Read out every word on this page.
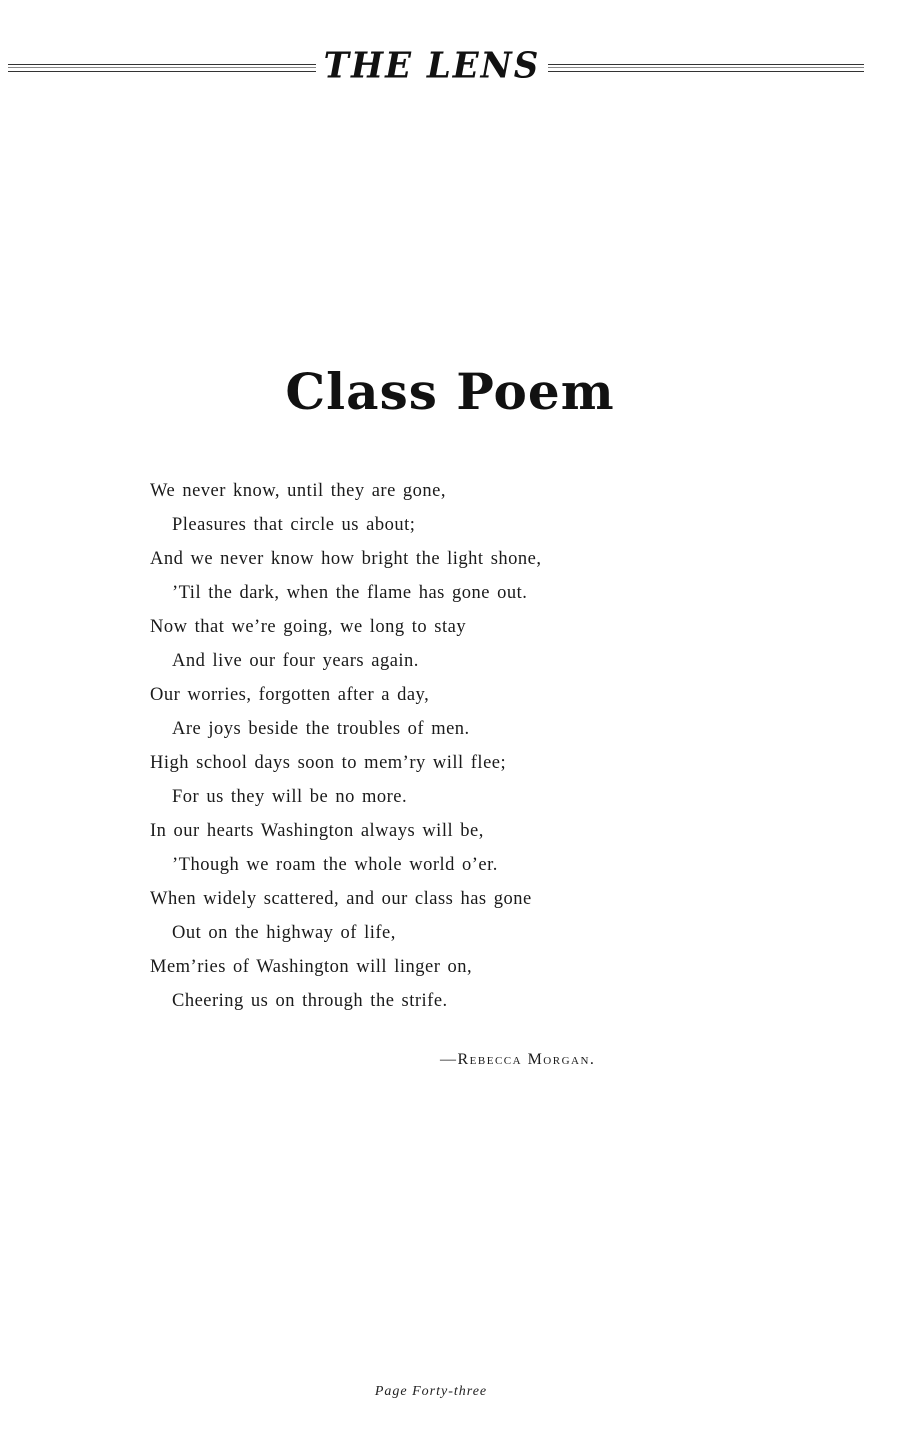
THE LENS
Class Poem
We never know, until they are gone,
Pleasures that circle us about;
And we never know how bright the light shone,
’Til the dark, when the flame has gone out.
Now that we’re going, we long to stay
And live our four years again.
Our worries, forgotten after a day,
Are joys beside the troubles of men.
High school days soon to mem’ry will flee;
For us they will be no more.
In our hearts Washington always will be,
’Though we roam the whole world o’er.
When widely scattered, and our class has gone
Out on the highway of life,
Mem’ries of Washington will linger on,
Cheering us on through the strife.
—Rebecca Morgan.
Page Forty-three
